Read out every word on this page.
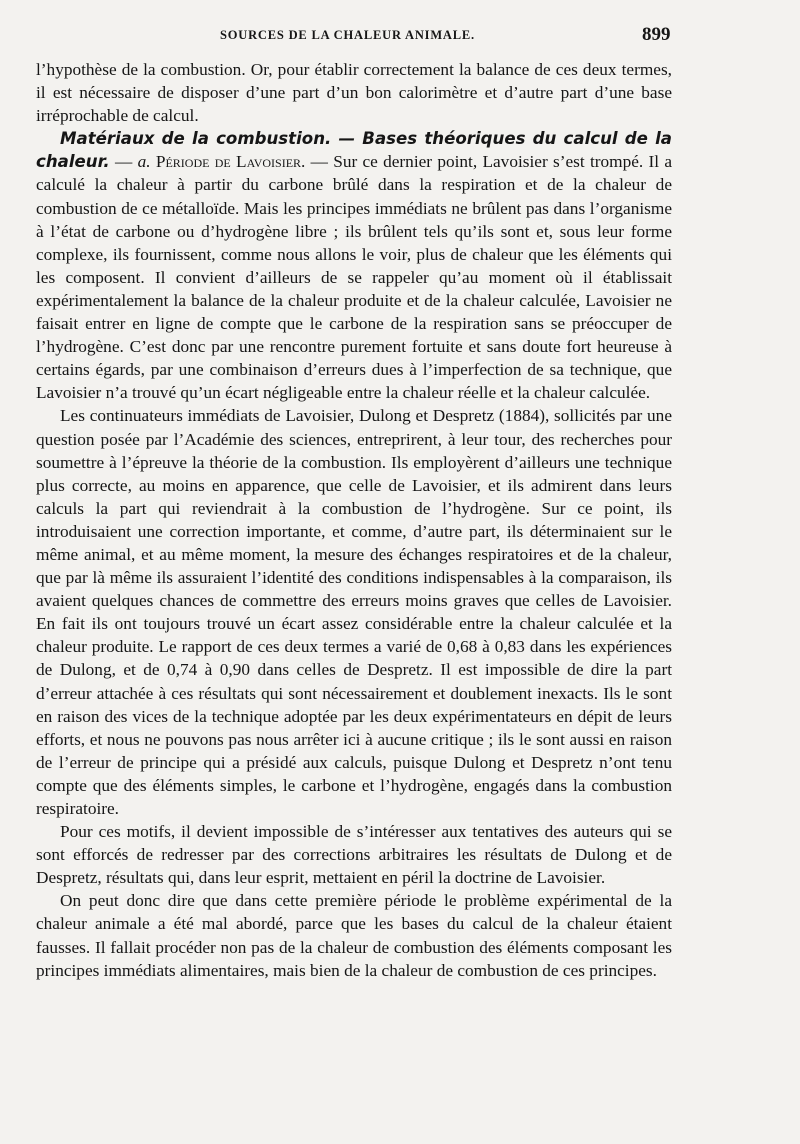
SOURCES DE LA CHALEUR ANIMALE.	899

l’hypothèse de la combustion. Or, pour établir correctement la balance de ces deux termes, il est nécessaire de disposer d’une part d’un bon calorimètre et d’autre part d’une base irréprochable de calcul.

Matériaux de la combustion. — Bases théoriques du calcul de la chaleur. — a. Période de Lavoisier. — Sur ce dernier point, Lavoisier s’est trompé. Il a calculé la chaleur à partir du carbone brûlé dans la respiration et de la chaleur de combustion de ce métalloïde. Mais les principes immédiats ne brûlent pas dans l’organisme à l’état de carbone ou d’hydrogène libre ; ils brûlent tels qu’ils sont et, sous leur forme complexe, ils fournissent, comme nous allons le voir, plus de chaleur que les éléments qui les composent. Il convient d’ailleurs de se rappeler qu’au moment où il établissait expérimentalement la balance de la chaleur produite et de la chaleur calculée, Lavoisier ne faisait entrer en ligne de compte que le carbone de la respiration sans se préoccuper de l’hydrogène. C’est donc par une rencontre purement fortuite et sans doute fort heureuse à certains égards, par une combinaison d’erreurs dues à l’imperfection de sa technique, que Lavoisier n’a trouvé qu’un écart négligeable entre la chaleur réelle et la chaleur calculée.

Les continuateurs immédiats de Lavoisier, Dulong et Despretz (1884), sollicités par une question posée par l’Académie des sciences, entreprirent, à leur tour, des recherches pour soumettre à l’épreuve la théorie de la combustion. Ils employèrent d’ailleurs une technique plus correcte, au moins en apparence, que celle de Lavoisier, et ils admirent dans leurs calculs la part qui reviendrait à la combustion de l’hydrogène. Sur ce point, ils introduisaient une correction importante, et comme, d’autre part, ils déterminaient sur le même animal, et au même moment, la mesure des échanges respiratoires et de la chaleur, que par là même ils assuraient l’identité des conditions indispensables à la comparaison, ils avaient quelques chances de commettre des erreurs moins graves que celles de Lavoisier. En fait ils ont toujours trouvé un écart assez considérable entre la chaleur calculée et la chaleur produite. Le rapport de ces deux termes a varié de 0,68 à 0,83 dans les expériences de Dulong, et de 0,74 à 0,90 dans celles de Despretz. Il est impossible de dire la part d’erreur attachée à ces résultats qui sont nécessairement et doublement inexacts. Ils le sont en raison des vices de la technique adoptée par les deux expérimentateurs en dépit de leurs efforts, et nous ne pouvons pas nous arrêter ici à aucune critique ; ils le sont aussi en raison de l’erreur de principe qui a présidé aux calculs, puisque Dulong et Despretz n’ont tenu compte que des éléments simples, le carbone et l’hydrogène, engagés dans la combustion respiratoire.

Pour ces motifs, il devient impossible de s’intéresser aux tentatives des auteurs qui se sont efforcés de redresser par des corrections arbitraires les résultats de Dulong et de Despretz, résultats qui, dans leur esprit, mettaient en péril la doctrine de Lavoisier.

On peut donc dire que dans cette première période le problème expérimental de la chaleur animale a été mal abordé, parce que les bases du calcul de la chaleur étaient fausses. Il fallait procéder non pas de la chaleur de combustion des éléments composant les principes immédiats alimentaires, mais bien de la chaleur de combustion de ces principes.
